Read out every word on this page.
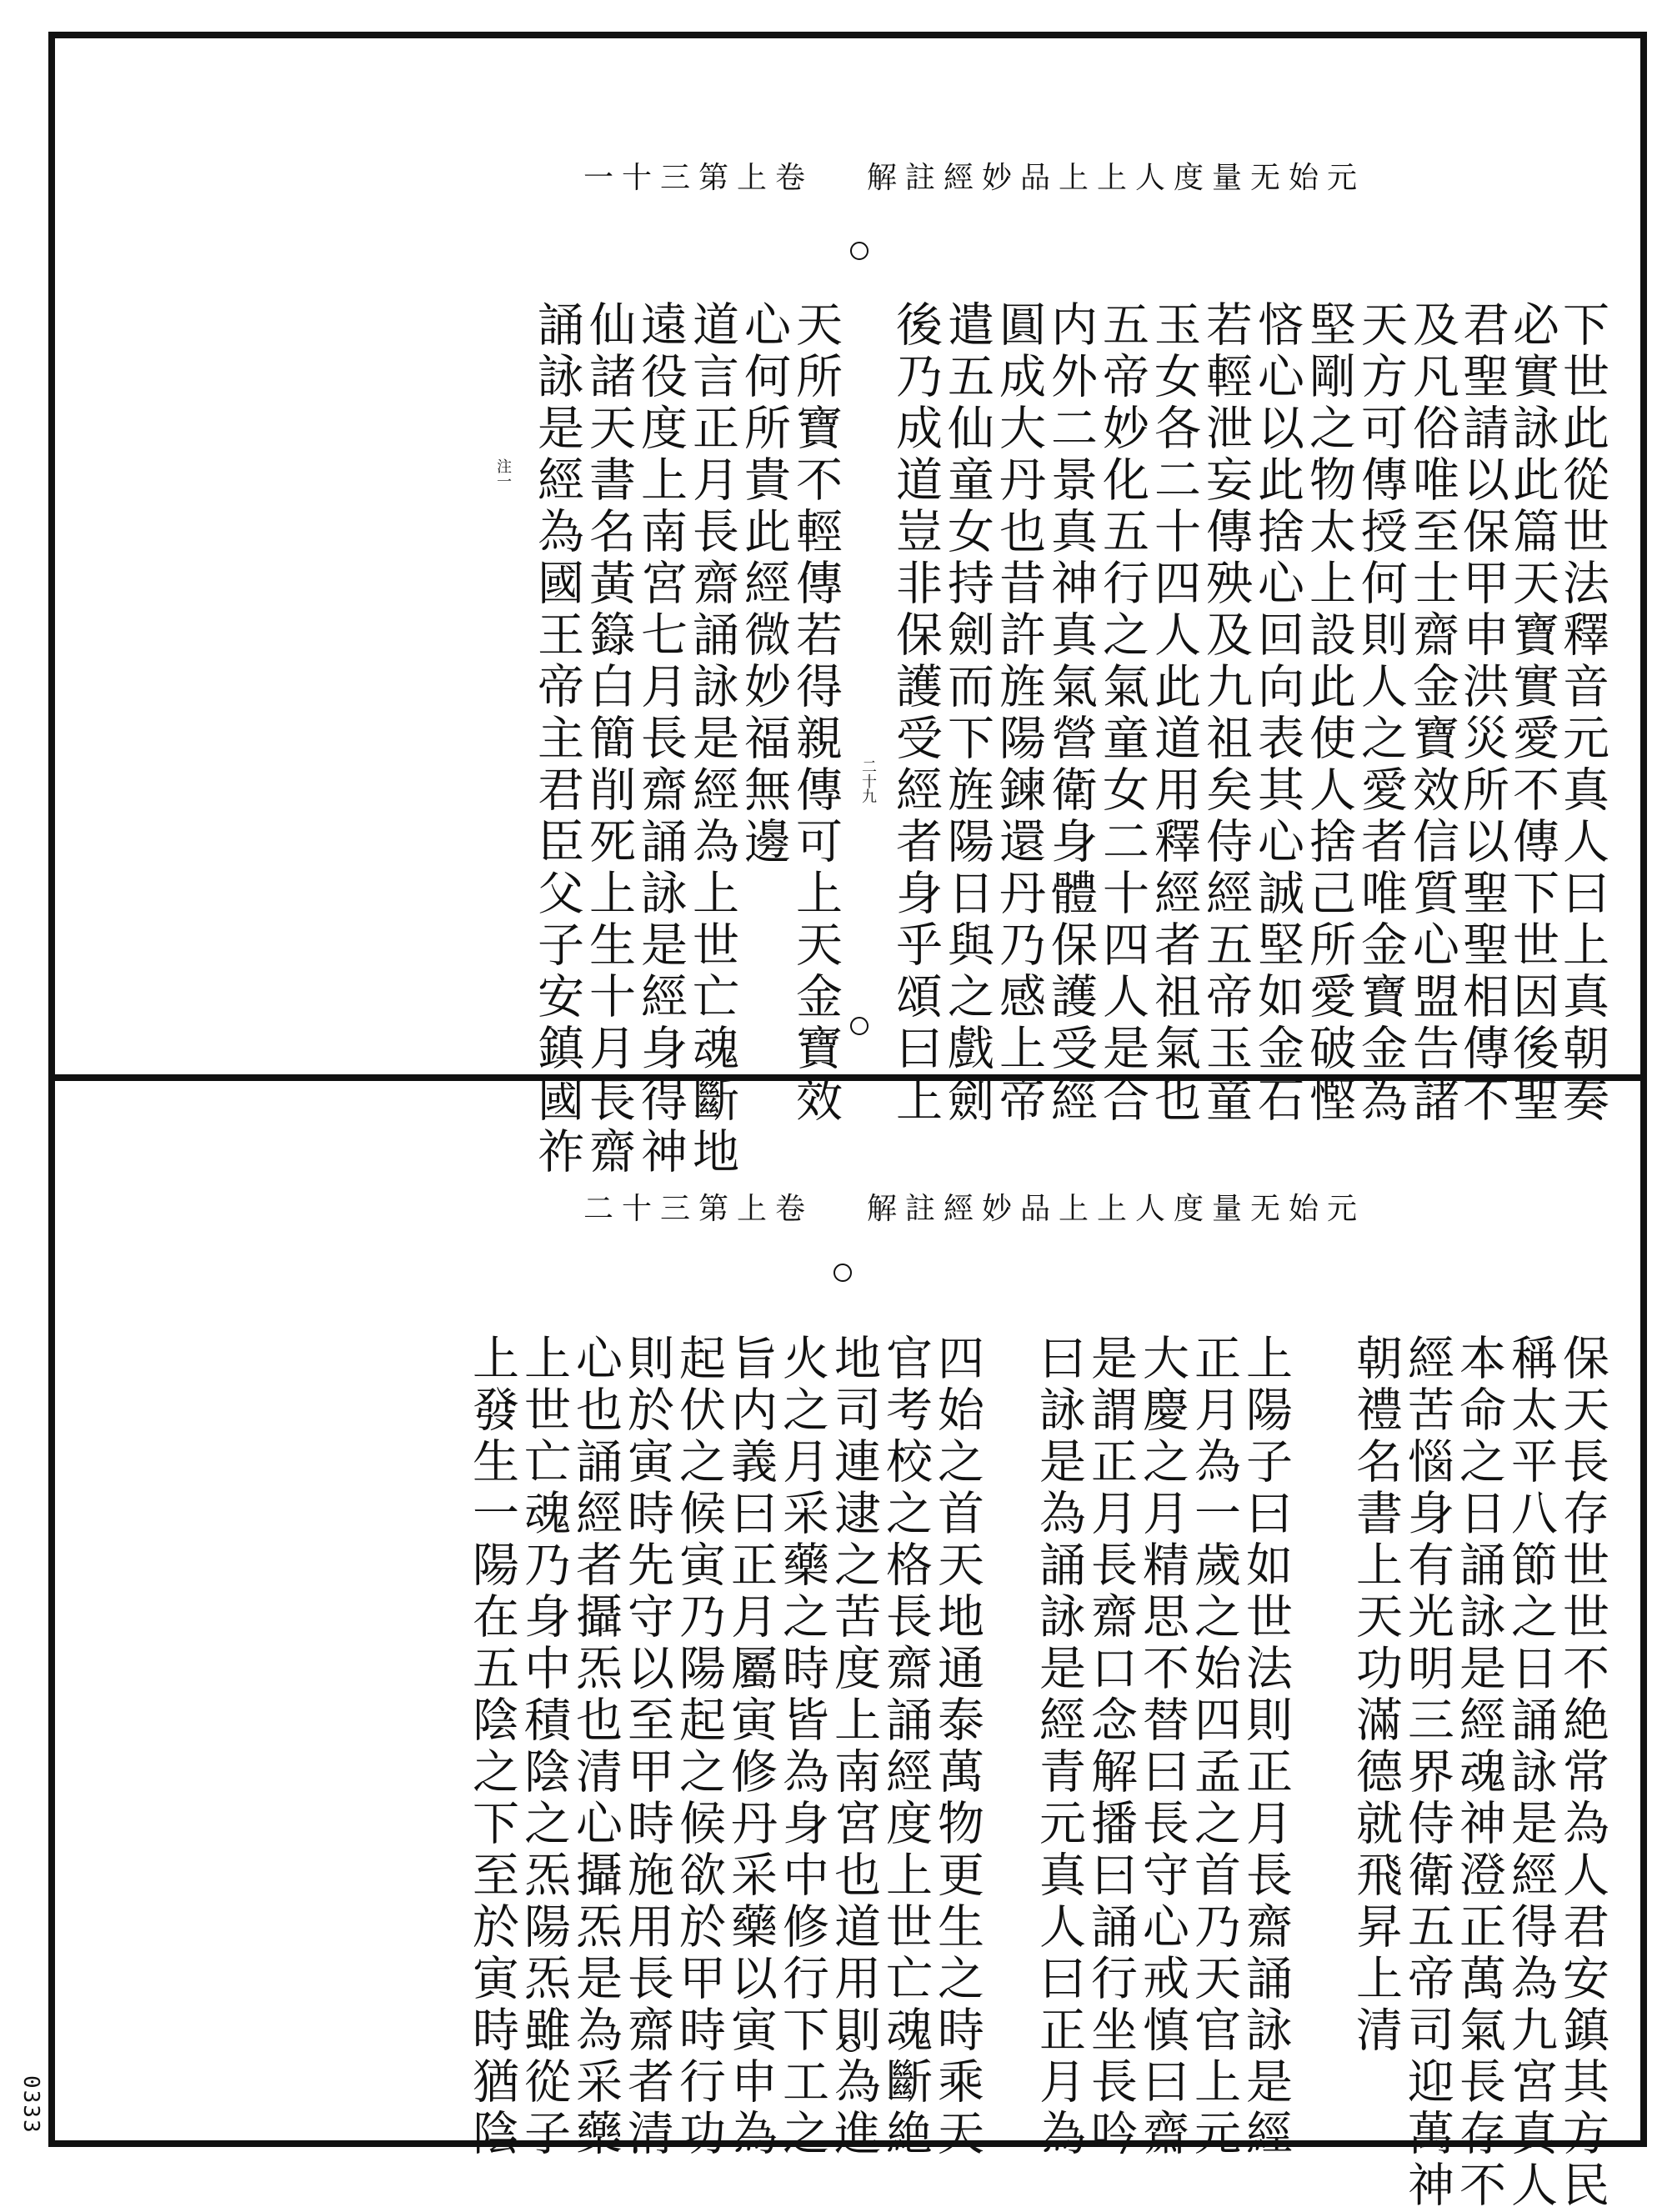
一十三第上卷 解註經妙品上上人度量无始元
二十九
注一	下世此從世法釋音元真人曰上真朝奏
必實詠此篇天寶實愛不傳下世因後聖
君聖請以保甲申洪災所以聖聖相傳不
及凡俗唯至士齋金寶效信質心盟告諸
天方可傳授何則人之愛者唯金寶金為
堅剛之物太上設此使人捨己所愛破慳
悋心以此捨心回向表其心誠堅如金石
若輕泄妄傳殃及九祖矣侍經五帝玉童
玉女各二十四人此道用釋經者祖氣也
五帝妙化五行之氣童女二十四人是合
内外二景真神真氣營衛身體保護受經
圓成大丹也昔許旌陽鍊還丹乃感上帝
遣五仙童女持劍而下旌陽日與之戲劍
後乃成道豈非保護受經者身乎頌曰上
天所寶不輕傳若得親傳可上天金寶效
心何所貴此經微妙福無邊
道言正月長齋誦詠是經為上世亡魂斷地
遠役度上南宮七月長齋誦詠是經身得神
仙諸天書名黃籙白簡削死上生十月長齋
誦詠是經為國王帝主君臣父子安鎮國祚
二十三第上卷 解註經妙品上上人度量无始元
保天長存世世不絶常為人君安鎮其方民
稱太平八節之日誦詠是經得為九宮真人
本命之日誦詠是經魂神澄正萬氣長存不
經苦惱身有光明三界侍衛五帝司迎萬神
朝禮名書上天功滿德就飛昇上清
上陽子曰如世法則正月長齋誦詠是經
正月為一歲之始四孟之首乃天官上元
大慶之月精思不替曰長守心戒慎曰齋
是謂正月長齋口念解播曰誦行坐長吟
曰詠是為誦詠是經青元真人曰正月為
四始之首天地通泰萬物更生之時乘天
官考校之格長齋誦經度上世亡魂斷絶
地司連逮之苦度上南宮也道用則為進
火之月采藥之時皆為身中修行下工之
旨内義曰正月屬寅修丹采藥以寅申為
起伏之候寅乃陽起之候欲於甲時行功
則於寅時先守以至甲時施用長齋者清
心也誦經者攝炁也清心攝炁是為采藥
上世亡魂乃身中積陰之炁陽炁雖從子
上發生一陽在五陰之下至於寅時猶陰
0333
